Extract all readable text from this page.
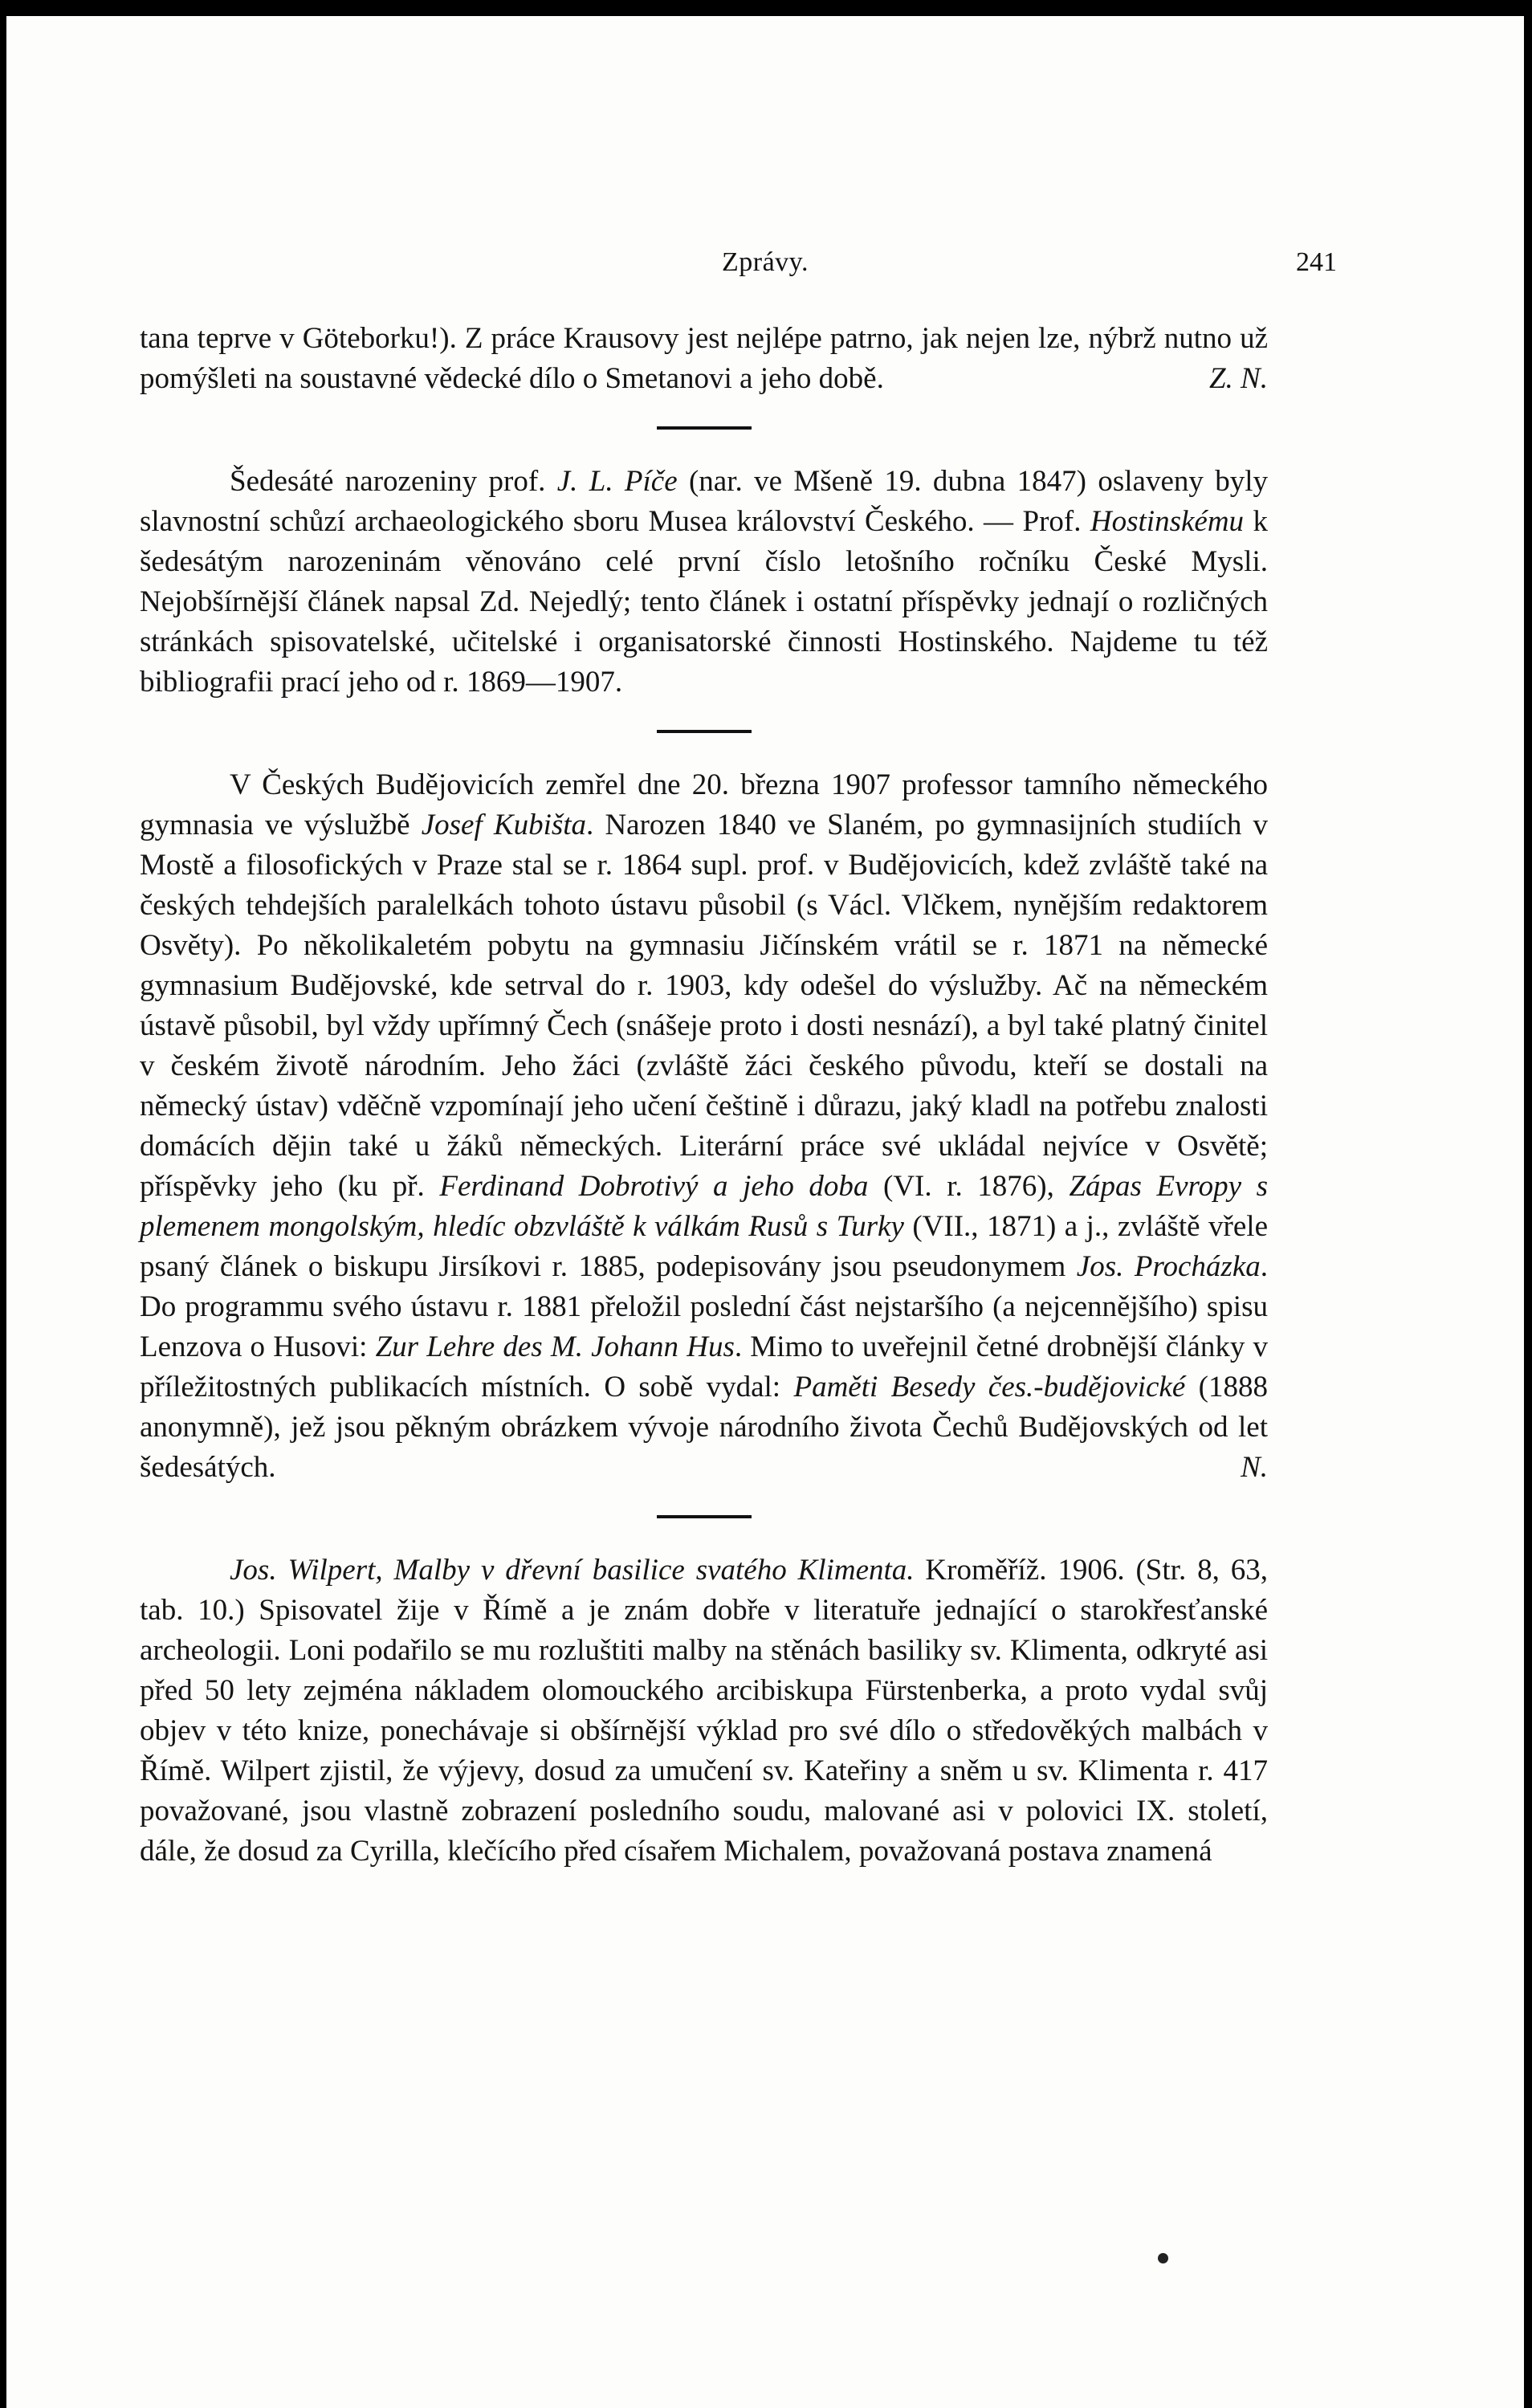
Zprávy.	241

tana teprve v Göteborku!). Z práce Krausovy jest nejlépe patrno, jak nejen lze, nýbrž nutno už pomýšleti na soustavné vědecké dílo o Smetanovi a jeho době.	Z. N.

Šedesáté narozeniny prof. J. L. Píče (nar. ve Mšeně 19. dubna 1847) oslaveny byly slavnostní schůzí archaeologického sboru Musea království Českého. — Prof. Hostinskému k šedesátým narozeninám věnováno celé první číslo letošního ročníku České Mysli. Nejobšírnější článek napsal Zd. Nejedlý; tento článek i ostatní příspěvky jednají o rozličných stránkách spisovatelské, učitelské i organisatorské činnosti Hostinského. Najdeme tu též bibliografii prací jeho od r. 1869—1907.

V Českých Budějovicích zemřel dne 20. března 1907 professor tamního německého gymnasia ve výslužbě Josef Kubišta. Narozen 1840 ve Slaném, po gymnasijních studiích v Mostě a filosofických v Praze stal se r. 1864 supl. prof. v Budějovicích, kdež zvláště také na českých tehdejších paralelkách tohoto ústavu působil (s Václ. Vlčkem, nynějším redaktorem Osvěty). Po několikaletém pobytu na gymnasiu Jičínském vrátil se r. 1871 na německé gymnasium Budějovské, kde setrval do r. 1903, kdy odešel do výslužby. Ač na německém ústavě působil, byl vždy upřímný Čech (snášeje proto i dosti nesnází), a byl také platný činitel v českém životě národním. Jeho žáci (zvláště žáci českého původu, kteří se dostali na německý ústav) vděčně vzpomínají jeho učení češtině i důrazu, jaký kladl na potřebu znalosti domácích dějin také u žáků německých. Literární práce své ukládal nejvíce v Osvětě; příspěvky jeho (ku př. Ferdinand Dobrotivý a jeho doba (VI. r. 1876), Zápas Evropy s plemenem mongolským, hledíc obzvláště k válkám Rusů s Turky (VII., 1871) a j., zvláště vřele psaný článek o biskupu Jirsíkovi r. 1885, podepisovány jsou pseudonymem Jos. Procházka. Do programmu svého ústavu r. 1881 přeložil poslední část nejstaršího (a nejcennějšího) spisu Lenzova o Husovi: Zur Lehre des M. Johann Hus. Mimo to uveřejnil četné drobnější články v příležitostných publikacích místních. O sobě vydal: Paměti Besedy čes.-budějovické (1888 anonymně), jež jsou pěkným obrázkem vývoje národního života Čechů Budějovských od let šedesátých.	N.

Jos. Wilpert, Malby v dřevní basilice svatého Klimenta. Kroměříž. 1906. (Str. 8, 63, tab. 10.) Spisovatel žije v Římě a je znám dobře v literatuře jednající o starokřesťanské archeologii. Loni podařilo se mu rozluštiti malby na stěnách basiliky sv. Klimenta, odkryté asi před 50 lety zejména nákladem olomouckého arcibiskupa Fürstenberka, a proto vydal svůj objev v této knize, ponechávaje si obšírnější výklad pro své dílo o středověkých malbách v Římě. Wilpert zjistil, že výjevy, dosud za umučení sv. Kateřiny a sněm u sv. Klimenta r. 417 považované, jsou vlastně zobrazení posledního soudu, malované asi v polovici IX. století, dále, že dosud za Cyrilla, klečícího před císařem Michalem, považovaná postava znamená
